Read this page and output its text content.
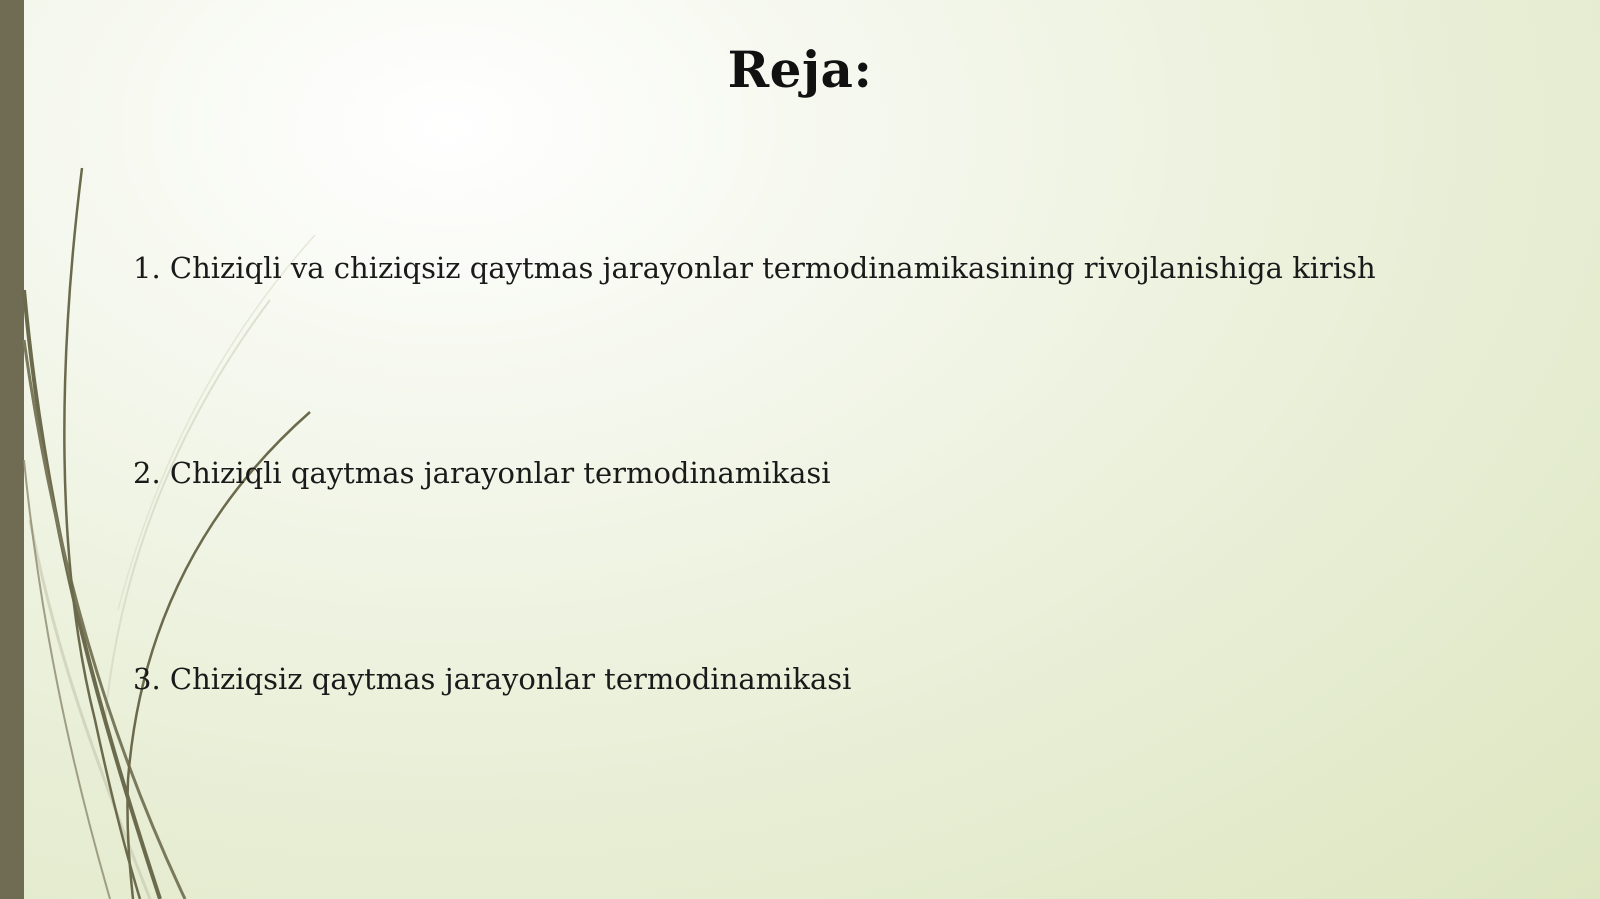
Reja:
1. Chiziqli va chiziqsiz qaytmas jarayonlar termodinamikasining rivojlanishiga kirish
2. Chiziqli qaytmas jarayonlar termodinamikasi
3. Chiziqsiz qaytmas jarayonlar termodinamikasi
